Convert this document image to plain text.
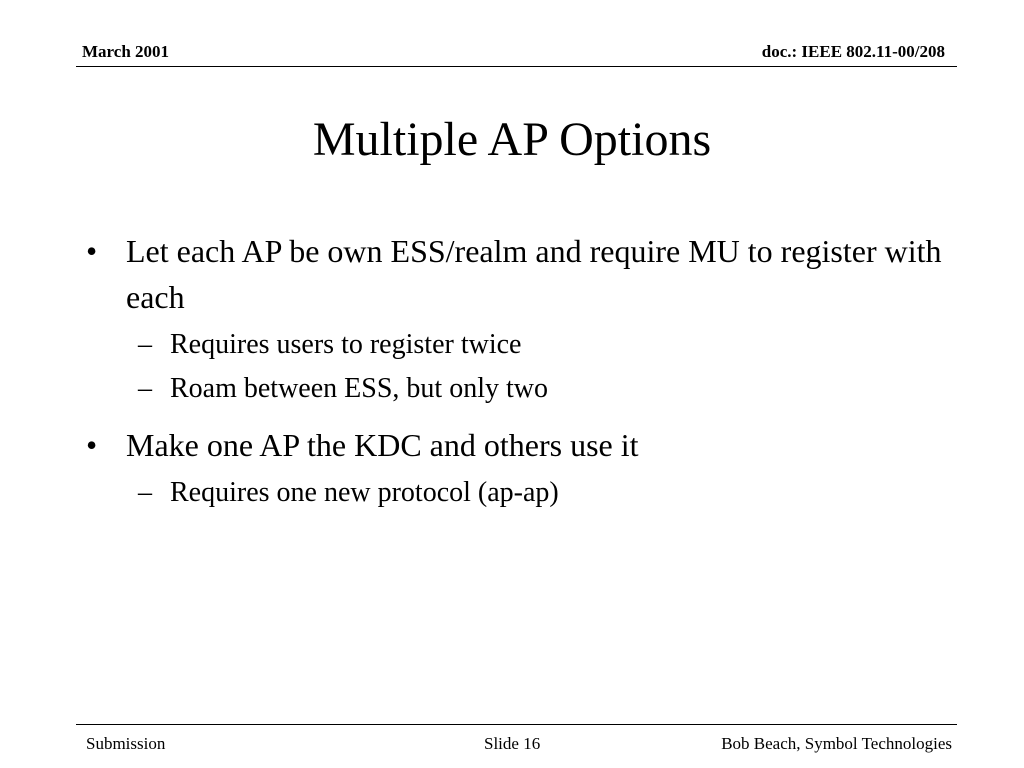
March 2001	doc.: IEEE 802.11-00/208
Multiple AP Options
• Let each AP be own ESS/realm and require MU to register with each
– Requires users to register twice
– Roam between ESS, but only two
• Make one AP the KDC and others use it
– Requires one new protocol (ap-ap)
Submission	Slide 16	Bob Beach, Symbol Technologies
